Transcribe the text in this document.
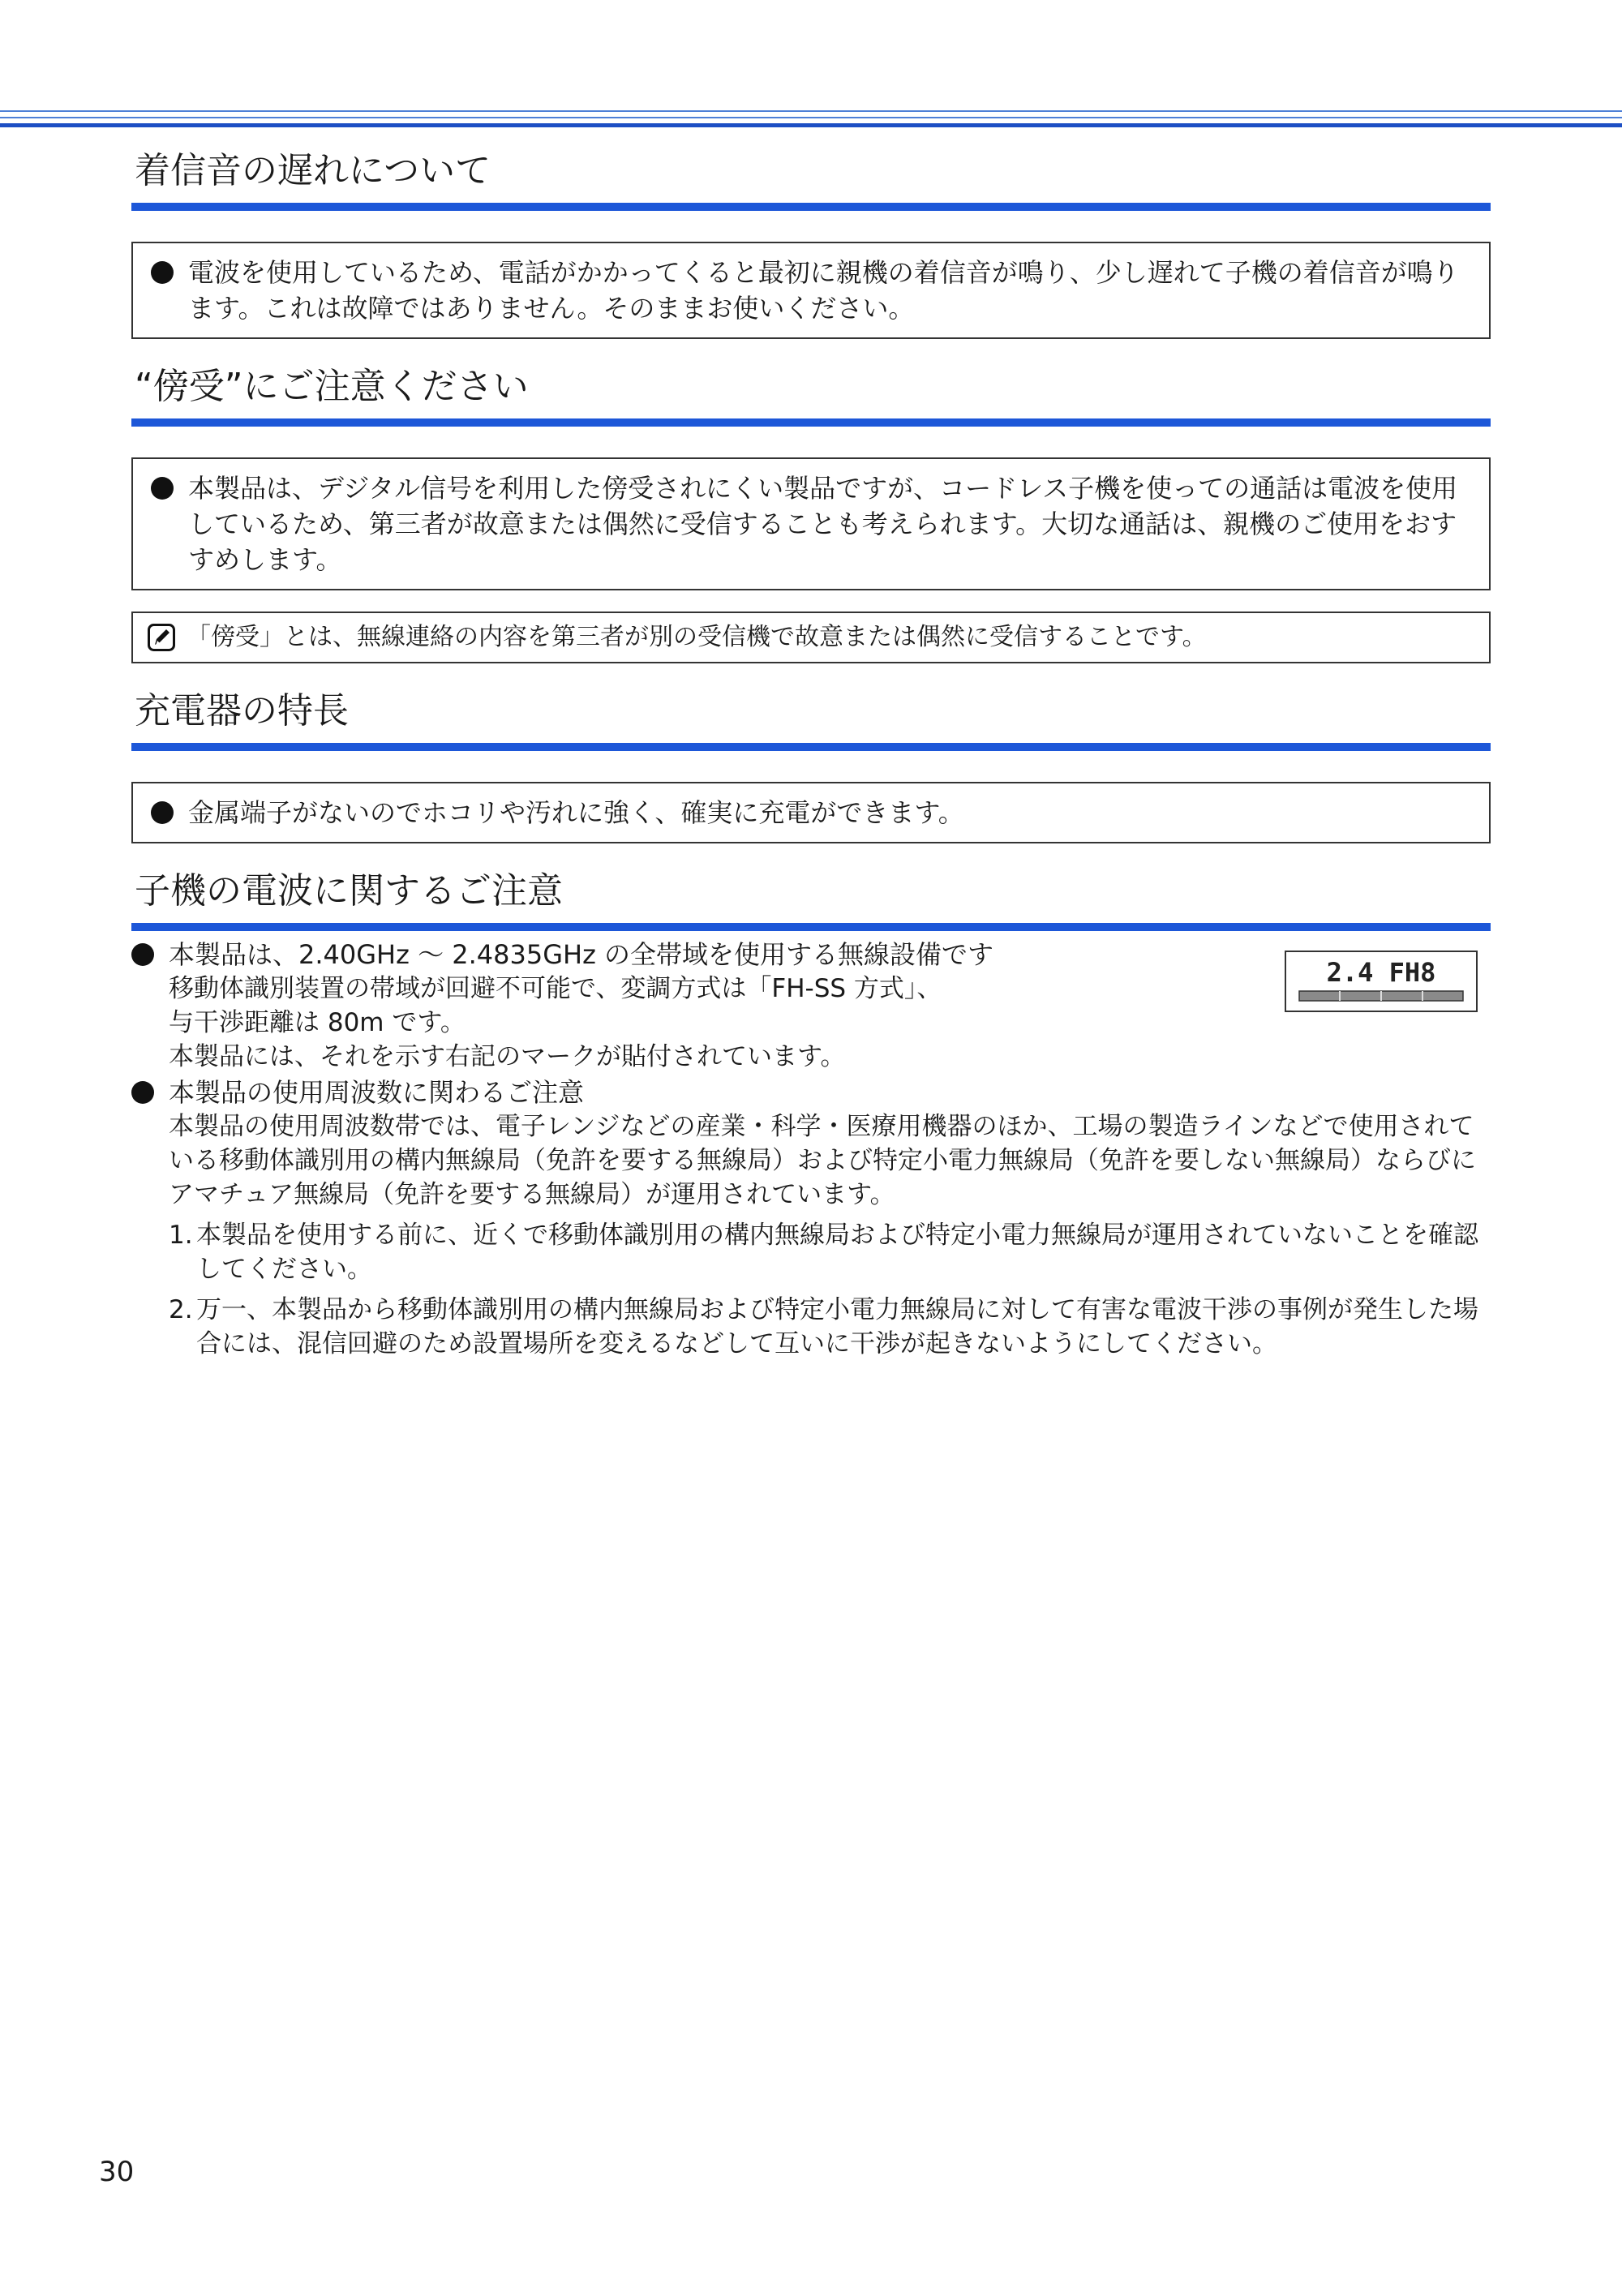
着信音の遅れについて
電波を使用しているため、電話がかかってくると最初に親機の着信音が鳴り、少し遅れて子機の着信音が鳴ります。これは故障ではありません。そのままお使いください。
“傍受”にご注意ください
本製品は、デジタル信号を利用した傍受されにくい製品ですが、コードレス子機を使っての通話は電波を使用しているため、第三者が故意または偶然に受信することも考えられます。大切な通話は、親機のご使用をおすすめします。
「傍受」とは、無線連絡の内容を第三者が別の受信機で故意または偶然に受信することです。
充電器の特長
金属端子がないのでホコリや汚れに強く、確実に充電ができます。
子機の電波に関するご注意
2.4 FH8
本製品は、2.40GHz 〜 2.4835GHz の全帯域を使用する無線設備です
移動体識別装置の帯域が回避不可能で、変調方式は「FH-SS 方式」、
与干渉距離は 80m です。
本製品には、それを示す右記のマークが貼付されています。
本製品の使用周波数に関わるご注意
本製品の使用周波数帯では、電子レンジなどの産業・科学・医療用機器のほか、工場の製造ラインなどで使用されている移動体識別用の構内無線局（免許を要する無線局）および特定小電力無線局（免許を要しない無線局）ならびにアマチュア無線局（免許を要する無線局）が運用されています。
1. 本製品を使用する前に、近くで移動体識別用の構内無線局および特定小電力無線局が運用されていないことを確認してください。
2. 万一、本製品から移動体識別用の構内無線局および特定小電力無線局に対して有害な電波干渉の事例が発生した場合には、混信回避のため設置場所を変えるなどして互いに干渉が起きないようにしてください。
30
